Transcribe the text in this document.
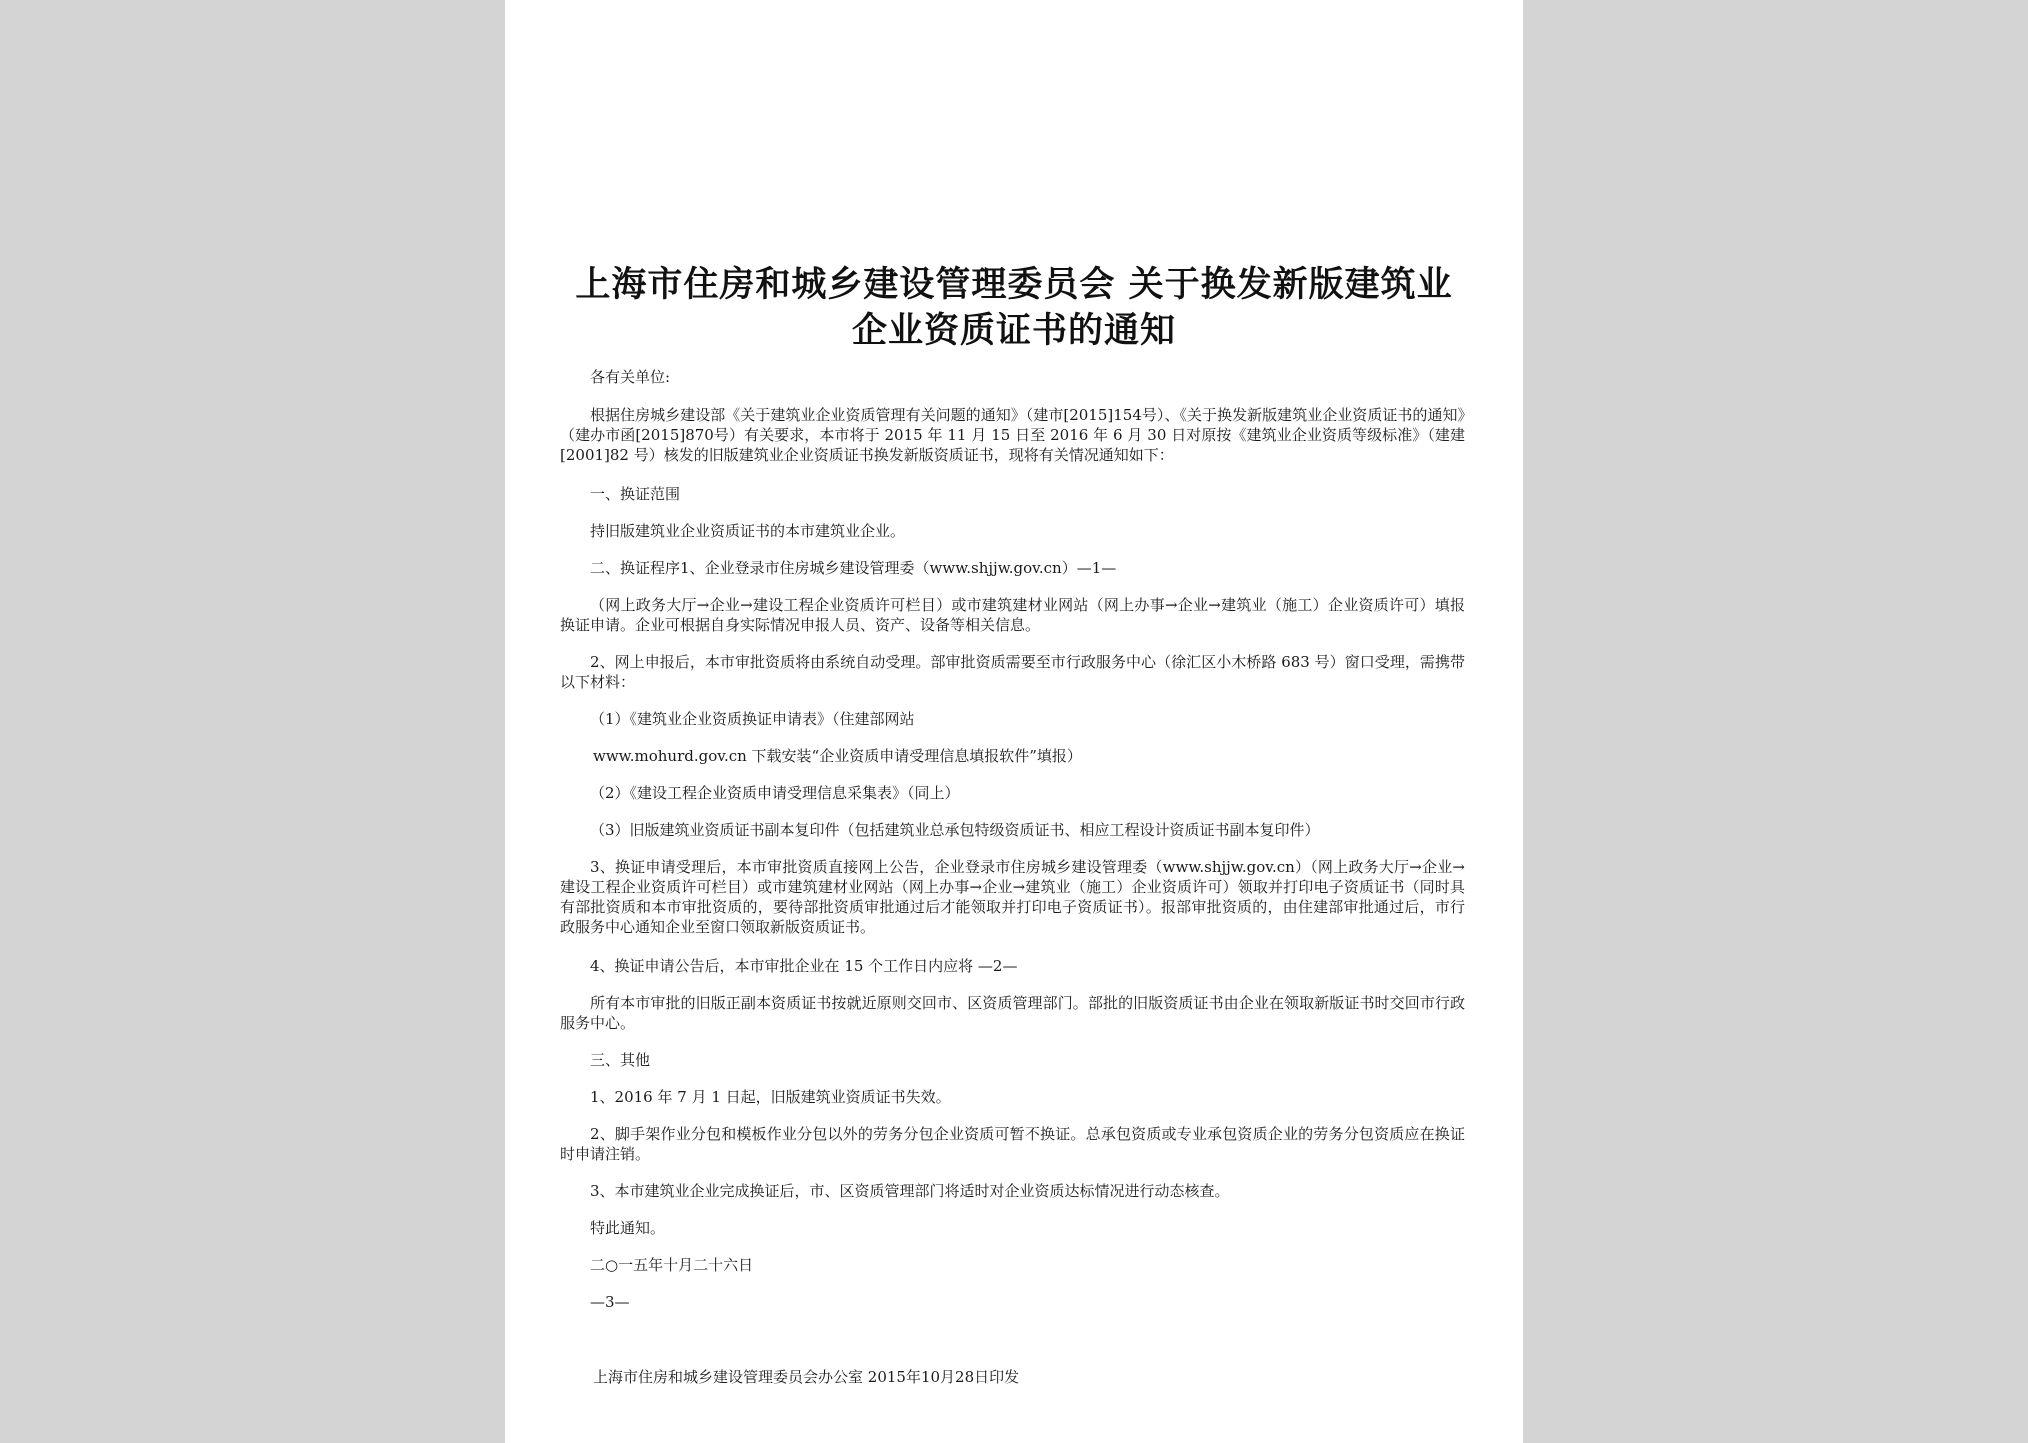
上海市住房和城乡建设管理委员会 关于换发新版建筑业
企业资质证书的通知

各有关单位:

根据住房城乡建设部《关于建筑业企业资质管理有关问题的通知》（建市[2015]154号）、《关于换发新版建筑业企业资质证书的通知》（建办市函[2015]870号）有关要求，本市将于 2015 年 11 月 15 日至 2016 年 6 月 30 日对原按《建筑业企业资质等级标准》（建建[2001]82 号）核发的旧版建筑业企业资质证书换发新版资质证书，现将有关情况通知如下：

一、换证范围

持旧版建筑业企业资质证书的本市建筑业企业。

二、换证程序1、企业登录市住房城乡建设管理委（www.shjjw.gov.cn）—1—

（网上政务大厅→企业→建设工程企业资质许可栏目）或市建筑建材业网站（网上办事→企业→建筑业（施工）企业资质许可）填报换证申请。企业可根据自身实际情况申报人员、资产、设备等相关信息。

2、网上申报后，本市审批资质将由系统自动受理。部审批资质需要至市行政服务中心（徐汇区小木桥路 683 号）窗口受理，需携带以下材料：

（1）《建筑业企业资质换证申请表》（住建部网站

www.mohurd.gov.cn 下载安装“企业资质申请受理信息填报软件”填报）

（2）《建设工程企业资质申请受理信息采集表》（同上）

（3）旧版建筑业资质证书副本复印件（包括建筑业总承包特级资质证书、相应工程设计资质证书副本复印件）

3、换证申请受理后，本市审批资质直接网上公告，企业登录市住房城乡建设管理委（www.shjjw.gov.cn）（网上政务大厅→企业→建设工程企业资质许可栏目）或市建筑建材业网站（网上办事→企业→建筑业（施工）企业资质许可）领取并打印电子资质证书（同时具有部批资质和本市审批资质的，要待部批资质审批通过后才能领取并打印电子资质证书）。报部审批资质的，由住建部审批通过后，市行政服务中心通知企业至窗口领取新版资质证书。

4、换证申请公告后，本市审批企业在 15 个工作日内应将 —2—

所有本市审批的旧版正副本资质证书按就近原则交回市、区资质管理部门。部批的旧版资质证书由企业在领取新版证书时交回市行政服务中心。

三、其他

1、2016 年 7 月 1 日起，旧版建筑业资质证书失效。

2、脚手架作业分包和模板作业分包以外的劳务分包企业资质可暂不换证。总承包资质或专业承包资质企业的劳务分包资质应在换证时申请注销。

3、本市建筑业企业完成换证后，市、区资质管理部门将适时对企业资质达标情况进行动态核查。

特此通知。

二○一五年十月二十六日

—3—

上海市住房和城乡建设管理委员会办公室 2015年10月28日印发
